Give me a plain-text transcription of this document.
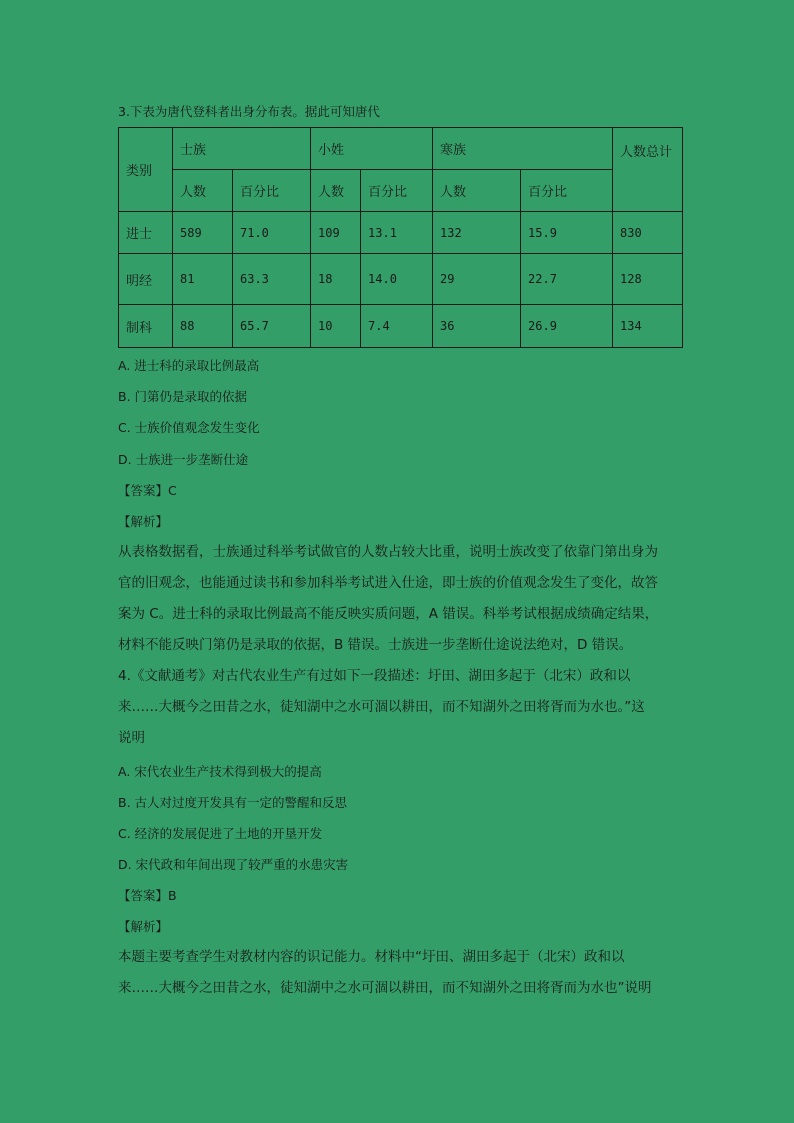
3.下表为唐代登科者出身分布表。据此可知唐代
类别	士族		小姓		寒族		人数总计
	人数	百分比	人数	百分比	人数	百分比	
进士	589	71.0	109	13.1	132	15.9	830
明经	81	63.3	18	14.0	29	22.7	128
制科	88	65.7	10	7.4	36	26.9	134
A. 进士科的录取比例最高
B. 门第仍是录取的依据
C. 士族价值观念发生变化
D. 士族进一步垄断仕途
【答案】C
【解析】
从表格数据看，士族通过科举考试做官的人数占较大比重，说明士族改变了依靠门第出身为
官的旧观念，也能通过读书和参加科举考试进入仕途，即士族的价值观念发生了变化，故答
案为 C。进士科的录取比例最高不能反映实质问题，A 错误。科举考试根据成绩确定结果，
材料不能反映门第仍是录取的依据，B 错误。士族进一步垄断仕途说法绝对，D 错误。
4.《文献通考》对古代农业生产有过如下一段描述：圩田、湖田多起于（北宋）政和以
来……大概今之田昔之水，徒知湖中之水可涸以耕田，而不知湖外之田将胥而为水也。”这
说明
A. 宋代农业生产技术得到极大的提高
B. 古人对过度开发具有一定的警醒和反思
C. 经济的发展促进了土地的开垦开发
D. 宋代政和年间出现了较严重的水患灾害
【答案】B
【解析】
本题主要考查学生对教材内容的识记能力。材料中“圩田、湖田多起于（北宋）政和以
来……大概今之田昔之水，徒知湖中之水可涸以耕田，而不知湖外之田将胥而为水也”说明
